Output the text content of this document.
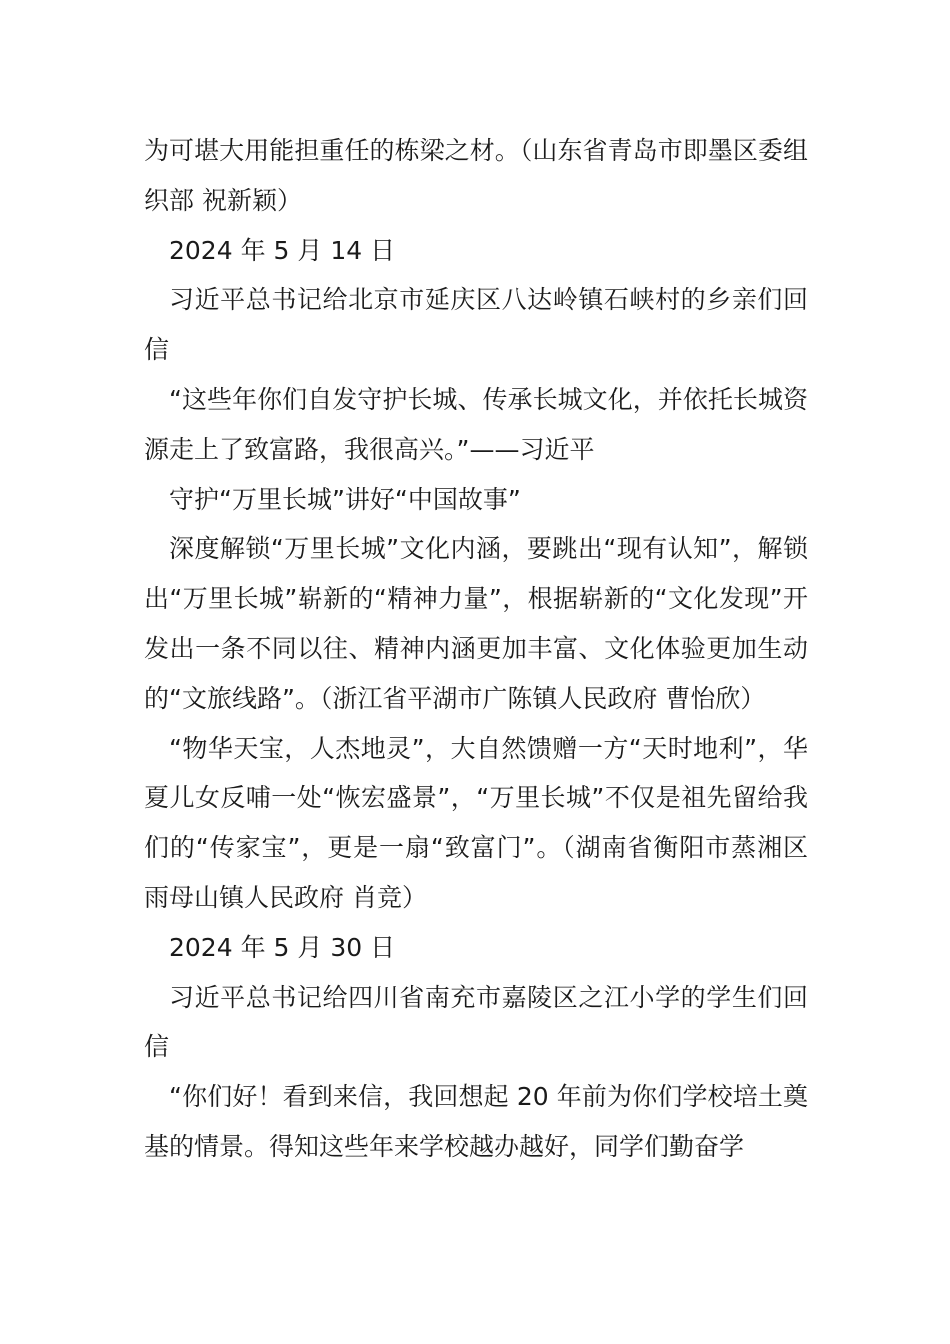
为可堪大用能担重任的栋梁之材。（山东省青岛市即墨区委组织部 祝新颖）

2024 年 5 月 14 日

习近平总书记给北京市延庆区八达岭镇石峡村的乡亲们回信

“这些年你们自发守护长城、传承长城文化，并依托长城资源走上了致富路，我很高兴。”——习近平

守护“万里长城”讲好“中国故事”

深度解锁“万里长城”文化内涵，要跳出“现有认知”，解锁出“万里长城”崭新的“精神力量”，根据崭新的“文化发现”开发出一条不同以往、精神内涵更加丰富、文化体验更加生动的“文旅线路”。（浙江省平湖市广陈镇人民政府 曹怡欣）

“物华天宝，人杰地灵”，大自然馈赠一方“天时地利”，华夏儿女反哺一处“恢宏盛景”，“万里长城”不仅是祖先留给我们的“传家宝”，更是一扇“致富门”。（湖南省衡阳市蒸湘区雨母山镇人民政府 肖竞）

2024 年 5 月 30 日

习近平总书记给四川省南充市嘉陵区之江小学的学生们回信

“你们好！看到来信，我回想起 20 年前为你们学校培土奠基的情景。得知这些年来学校越办越好，同学们勤奋学
